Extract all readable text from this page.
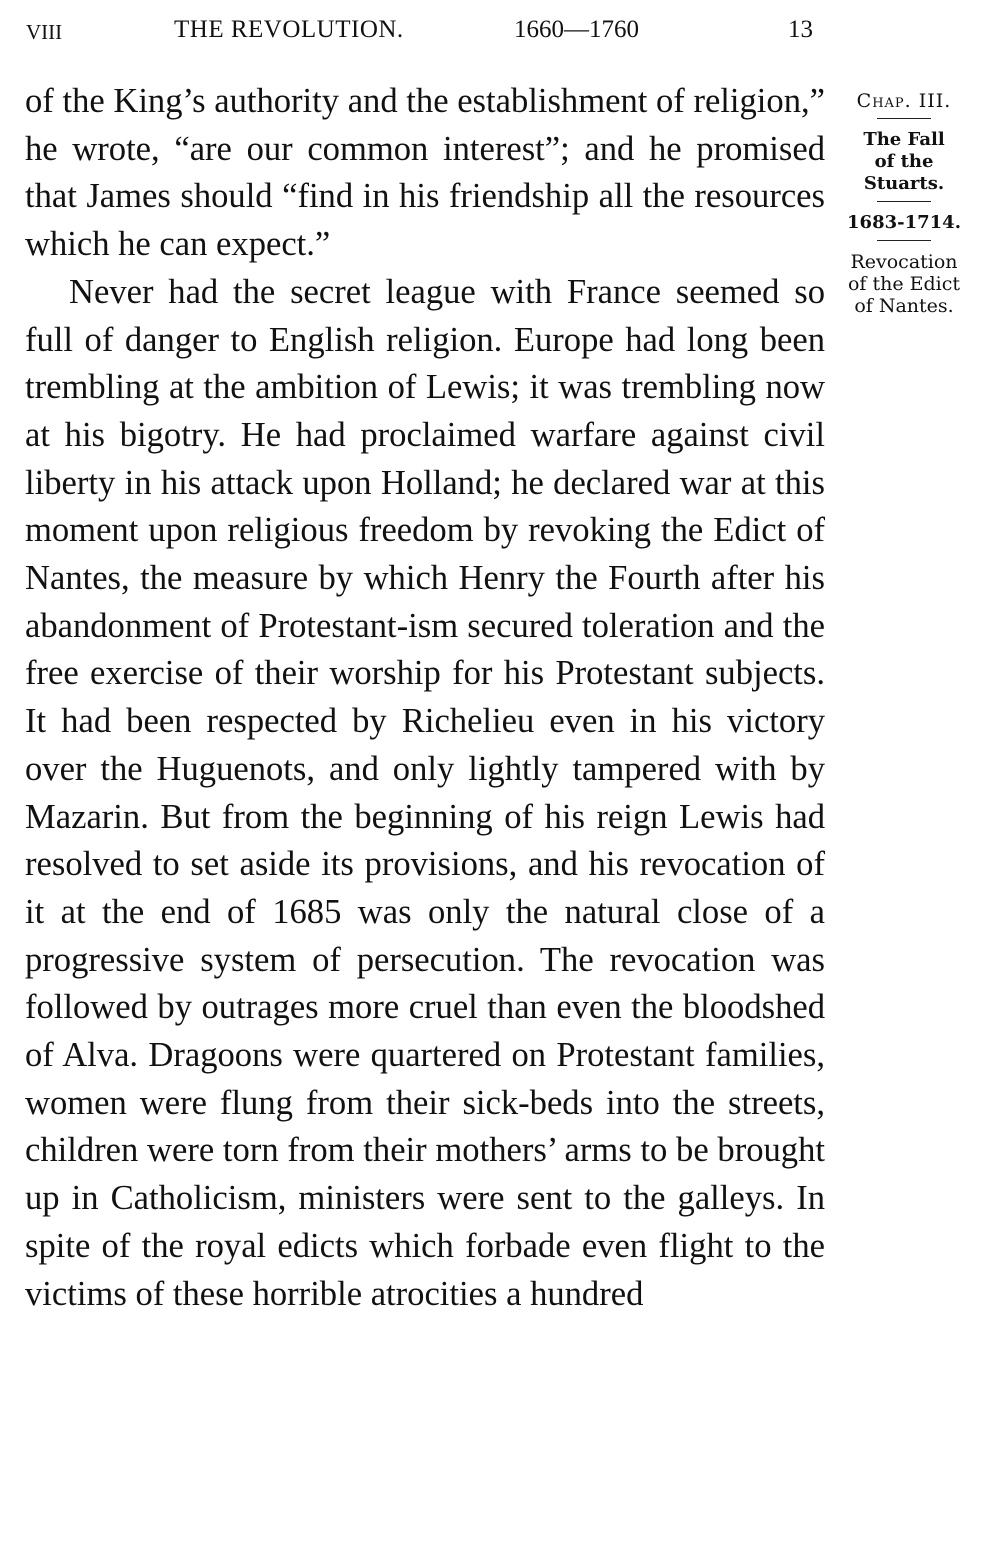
VIII	THE REVOLUTION.	1660—1760	13

of the King’s authority and the establishment of religion,” he wrote, “are our common interest”; and he promised that James should “find in his friendship all the resources which he can expect.”

Never had the secret league with France seemed so full of danger to English religion. Europe had long been trembling at the ambition of Lewis; it was trembling now at his bigotry. He had proclaimed warfare against civil liberty in his attack upon Holland; he declared war at this moment upon religious freedom by revoking the Edict of Nantes, the measure by which Henry the Fourth after his abandonment of Protestant-ism secured toleration and the free exercise of their worship for his Protestant subjects. It had been respected by Richelieu even in his victory over the Huguenots, and only lightly tampered with by Mazarin. But from the beginning of his reign Lewis had resolved to set aside its provisions, and his revocation of it at the end of 1685 was only the natural close of a progressive system of persecution. The revocation was followed by outrages more cruel than even the bloodshed of Alva. Dragoons were quartered on Protestant families, women were flung from their sick-beds into the streets, children were torn from their mothers’ arms to be brought up in Catholicism, ministers were sent to the galleys. In spite of the royal edicts which forbade even flight to the victims of these horrible atrocities a hundred

Chap. III.
The Fall
of the
Stuarts.
1683-1714.
Revocation
of the Edict
of Nantes.
